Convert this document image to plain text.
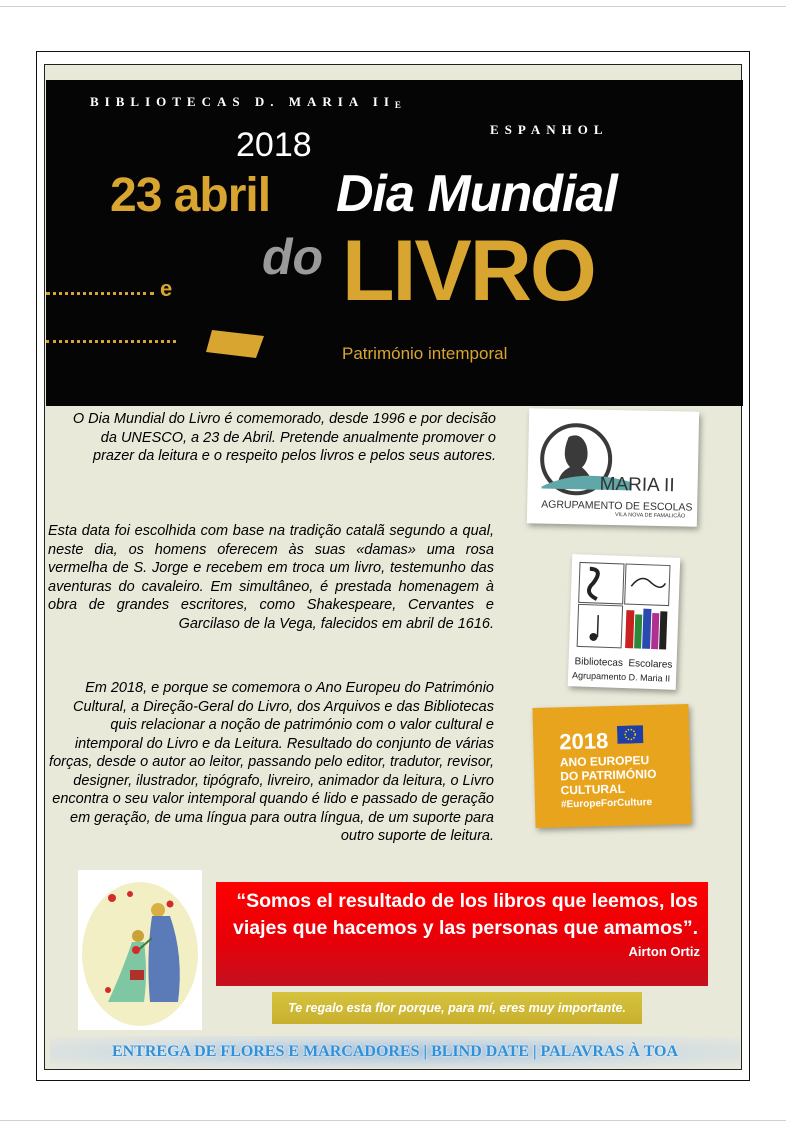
BIBLIOTECAS D. MARIA IIE
ESPANHOL
2018
23 abril Dia Mundial
do LIVRO
e
Património intemporal
O Dia Mundial do Livro é comemorado, desde 1996 e por decisão da UNESCO, a 23 de Abril. Pretende anualmente promover o prazer da leitura e o respeito pelos livros e pelos seus autores.
Esta data foi escolhida com base na tradição catalã segundo a qual, neste dia, os homens oferecem às suas «damas» uma rosa vermelha de S. Jorge e recebem em troca um livro, testemunho das aventuras do cavaleiro. Em simultâneo, é prestada homenagem à obra de grandes escritores, como Shakespeare, Cervantes e Garcilaso de la Vega, falecidos em abril de 1616.
Em 2018, e porque se comemora o Ano Europeu do Património Cultural, a Direção-Geral do Livro, dos Arquivos e das Bibliotecas quis relacionar a noção de património com o valor cultural e intemporal do Livro e da Leitura. Resultado do conjunto de várias forças, desde o autor ao leitor, passando pelo editor, tradutor, revisor, designer, ilustrador, tipógrafo, livreiro, animador da leitura, o Livro encontra o seu valor intemporal quando é lido e passado de geração em geração, de uma língua para outra língua, de um suporte para outro suporte de leitura.
MARIA II
AGRUPAMENTO DE ESCOLAS
VILA NOVA DE FAMALICÃO
Bibliotecas  Escolares
Agrupamento D. Maria II
2018
ANO EUROPEU
DO PATRIMÓNIO
CULTURAL
#EuropeForCulture
“Somos el resultado de los libros que leemos, los viajes que hacemos y las personas que amamos”.
Airton Ortiz
Te regalo esta flor porque, para mí, eres muy importante.
ENTREGA DE FLORES E MARCADORES | BLIND DATE | PALAVRAS À TOA
